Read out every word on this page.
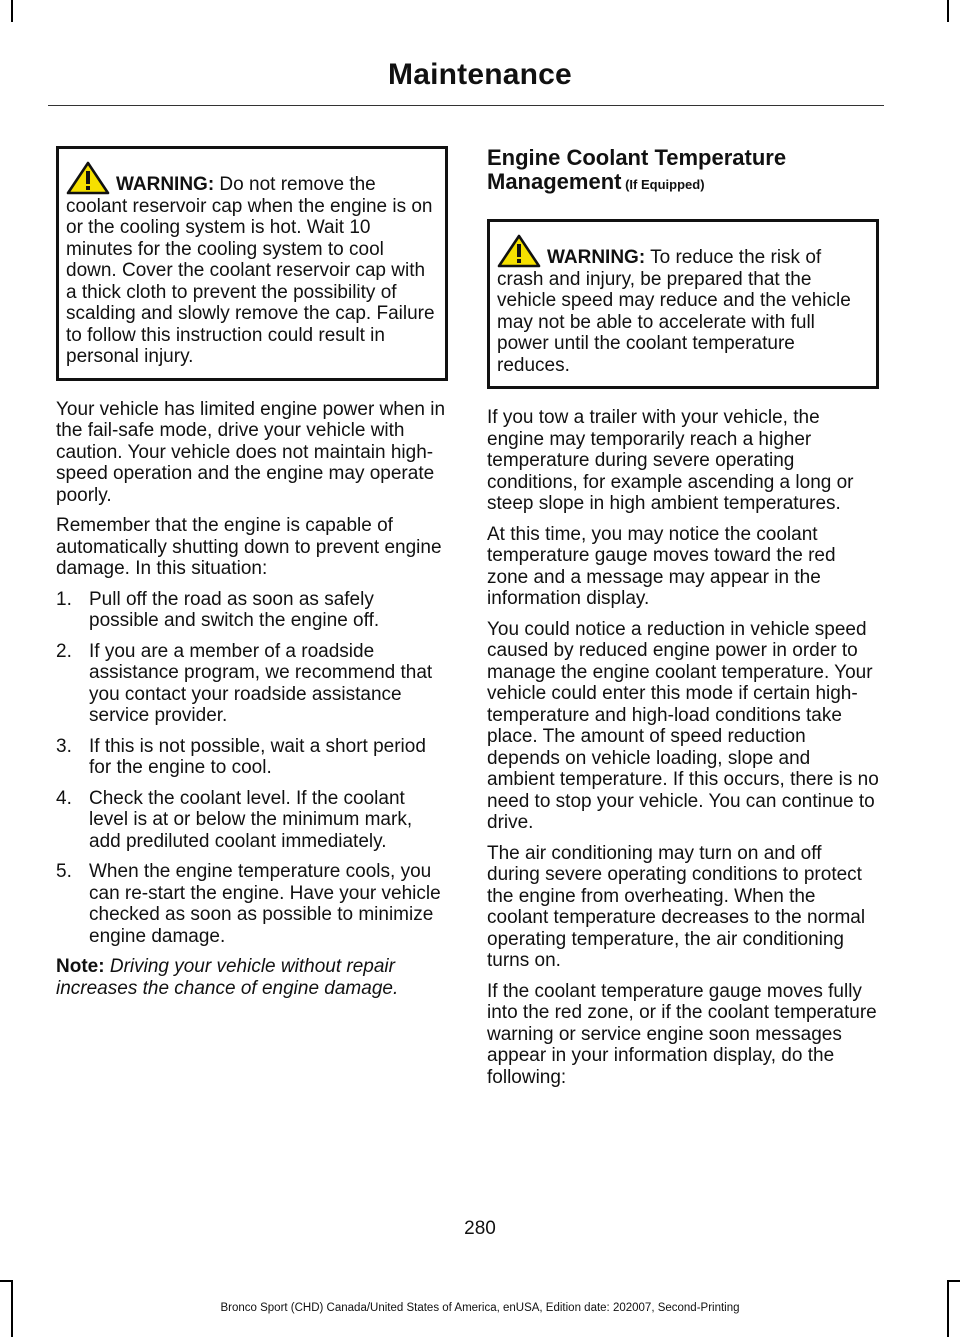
Maintenance
WARNING: Do not remove the coolant reservoir cap when the engine is on or the cooling system is hot. Wait 10 minutes for the cooling system to cool down. Cover the coolant reservoir cap with a thick cloth to prevent the possibility of scalding and slowly remove the cap. Failure to follow this instruction could result in personal injury.

Your vehicle has limited engine power when in the fail-safe mode, drive your vehicle with caution. Your vehicle does not maintain high-speed operation and the engine may operate poorly.

Remember that the engine is capable of automatically shutting down to prevent engine damage. In this situation:

1. Pull off the road as soon as safely possible and switch the engine off.
2. If you are a member of a roadside assistance program, we recommend that you contact your roadside assistance service provider.
3. If this is not possible, wait a short period for the engine to cool.
4. Check the coolant level. If the coolant level is at or below the minimum mark, add prediluted coolant immediately.
5. When the engine temperature cools, you can re-start the engine. Have your vehicle checked as soon as possible to minimize engine damage.

Note: Driving your vehicle without repair increases the chance of engine damage.

Engine Coolant Temperature Management (If Equipped)
WARNING: To reduce the risk of crash and injury, be prepared that the vehicle speed may reduce and the vehicle may not be able to accelerate with full power until the coolant temperature reduces.

If you tow a trailer with your vehicle, the engine may temporarily reach a higher temperature during severe operating conditions, for example ascending a long or steep slope in high ambient temperatures.

At this time, you may notice the coolant temperature gauge moves toward the red zone and a message may appear in the information display.

You could notice a reduction in vehicle speed caused by reduced engine power in order to manage the engine coolant temperature. Your vehicle could enter this mode if certain high-temperature and high-load conditions take place. The amount of speed reduction depends on vehicle loading, slope and ambient temperature. If this occurs, there is no need to stop your vehicle. You can continue to drive.

The air conditioning may turn on and off during severe operating conditions to protect the engine from overheating. When the coolant temperature decreases to the normal operating temperature, the air conditioning turns on.

If the coolant temperature gauge moves fully into the red zone, or if the coolant temperature warning or service engine soon messages appear in your information display, do the following:

280
Bronco Sport (CHD) Canada/United States of America, enUSA, Edition date: 202007, Second-Printing
